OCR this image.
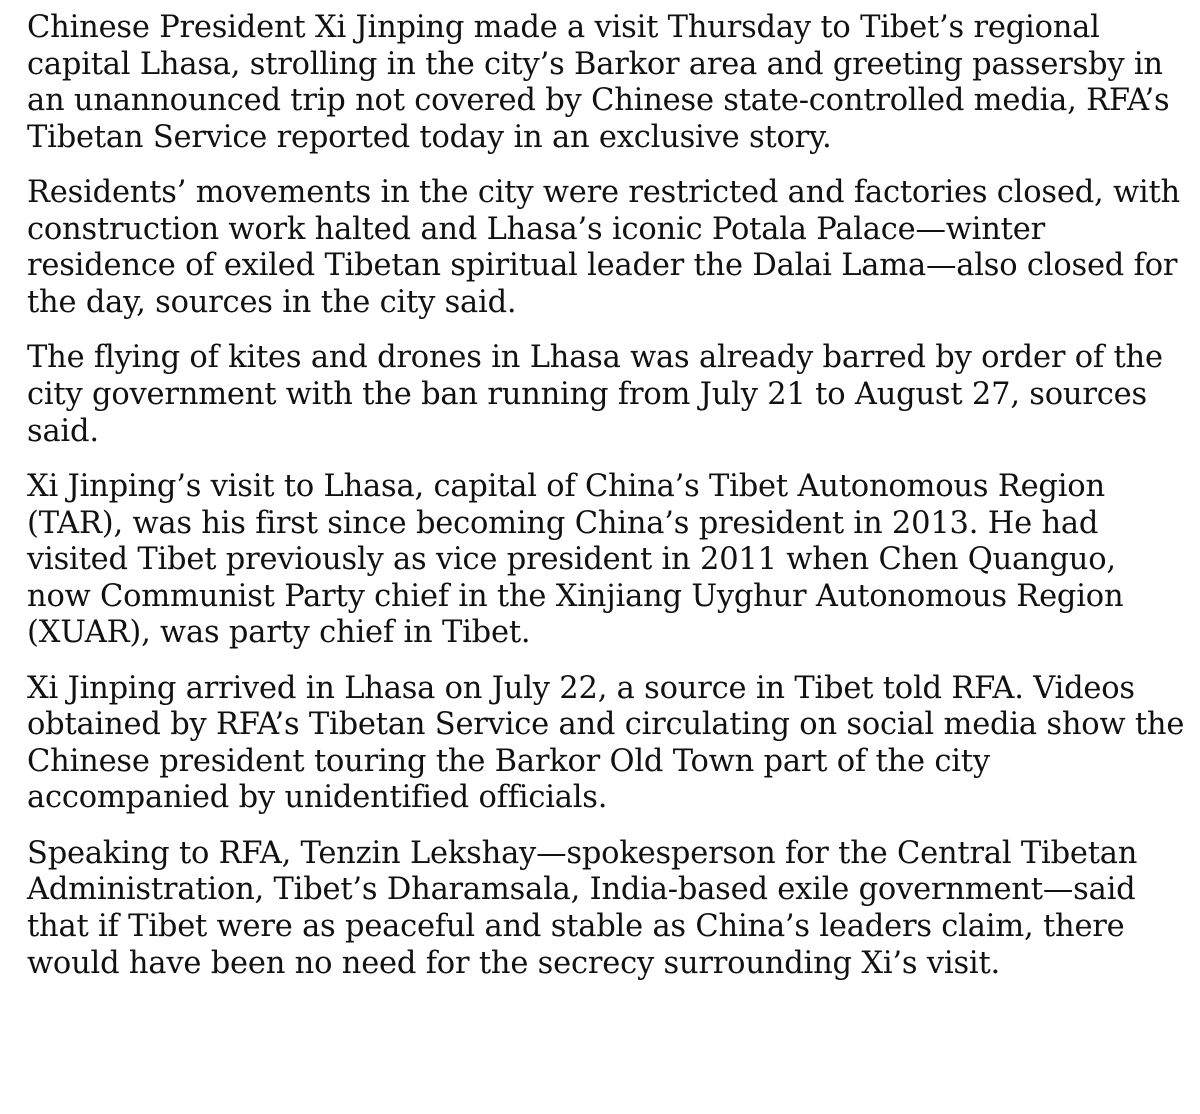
Chinese President Xi Jinping made a visit Thursday to Tibet’s regional capital Lhasa, strolling in the city’s Barkor area and greeting passersby in an unannounced trip not covered by Chinese state-controlled media, RFA’s Tibetan Service reported today in an exclusive story.

Residents’ movements in the city were restricted and factories closed, with construction work halted and Lhasa’s iconic Potala Palace—winter residence of exiled Tibetan spiritual leader the Dalai Lama—also closed for the day, sources in the city said.

The flying of kites and drones in Lhasa was already barred by order of the city government with the ban running from July 21 to August 27, sources said.

Xi Jinping’s visit to Lhasa, capital of China’s Tibet Autonomous Region (TAR), was his first since becoming China’s president in 2013. He had visited Tibet previously as vice president in 2011 when Chen Quanguo, now Communist Party chief in the Xinjiang Uyghur Autonomous Region (XUAR), was party chief in Tibet.

Xi Jinping arrived in Lhasa on July 22, a source in Tibet told RFA. Videos obtained by RFA’s Tibetan Service and circulating on social media show the Chinese president touring the Barkor Old Town part of the city accompanied by unidentified officials.

Speaking to RFA, Tenzin Lekshay—spokesperson for the Central Tibetan Administration, Tibet’s Dharamsala, India-based exile government—said that if Tibet were as peaceful and stable as China’s leaders claim, there would have been no need for the secrecy surrounding Xi’s visit.
